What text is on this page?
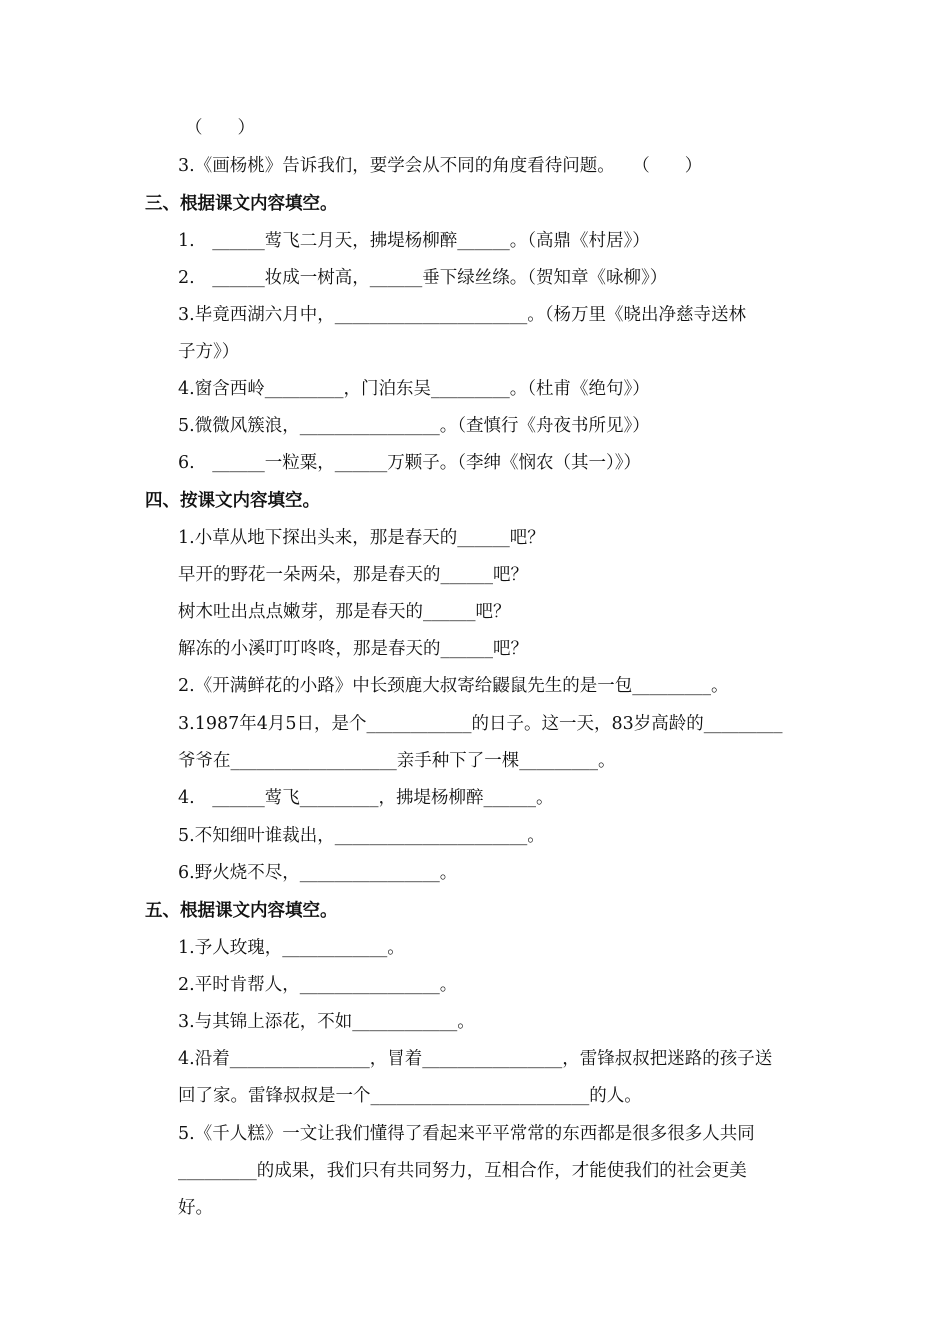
（　　）
3.《画杨桃》告诉我们，要学会从不同的角度看待问题。　　（　　）
三、根据课文内容填空。
1.　______莺飞二月天，拂堤杨柳醉______。（高鼎《村居》）
2.　______妆成一树高，______垂下绿丝绦。（贺知章《咏柳》）
3.毕竟西湖六月中，______________________。（杨万里《晓出净慈寺送林
子方》）
4.窗含西岭_________，门泊东吴_________。（杜甫《绝句》）
5.微微风簇浪，________________。（查慎行《舟夜书所见》）
6.　______一粒粟，______万颗子。（李绅《悯农（其一）》）
四、按课文内容填空。
1.小草从地下探出头来，那是春天的______吧？
早开的野花一朵两朵，那是春天的______吧？
树木吐出点点嫩芽，那是春天的______吧？
解冻的小溪叮叮咚咚，那是春天的______吧？
2.《开满鲜花的小路》中长颈鹿大叔寄给鼹鼠先生的是一包_________。
3.1987年4月5日，是个____________的日子。这一天，83岁高龄的_________
爷爷在___________________亲手种下了一棵_________。
4.　______莺飞_________，拂堤杨柳醉______。
5.不知细叶谁裁出，______________________。
6.野火烧不尽，________________。
五、根据课文内容填空。
1.予人玫瑰，____________。
2.平时肯帮人，________________。
3.与其锦上添花，不如____________。
4.沿着________________，冒着________________，雷锋叔叔把迷路的孩子送
回了家。雷锋叔叔是一个_________________________的人。
5.《千人糕》一文让我们懂得了看起来平平常常的东西都是很多很多人共同
_________的成果，我们只有共同努力，互相合作，才能使我们的社会更美
好。
